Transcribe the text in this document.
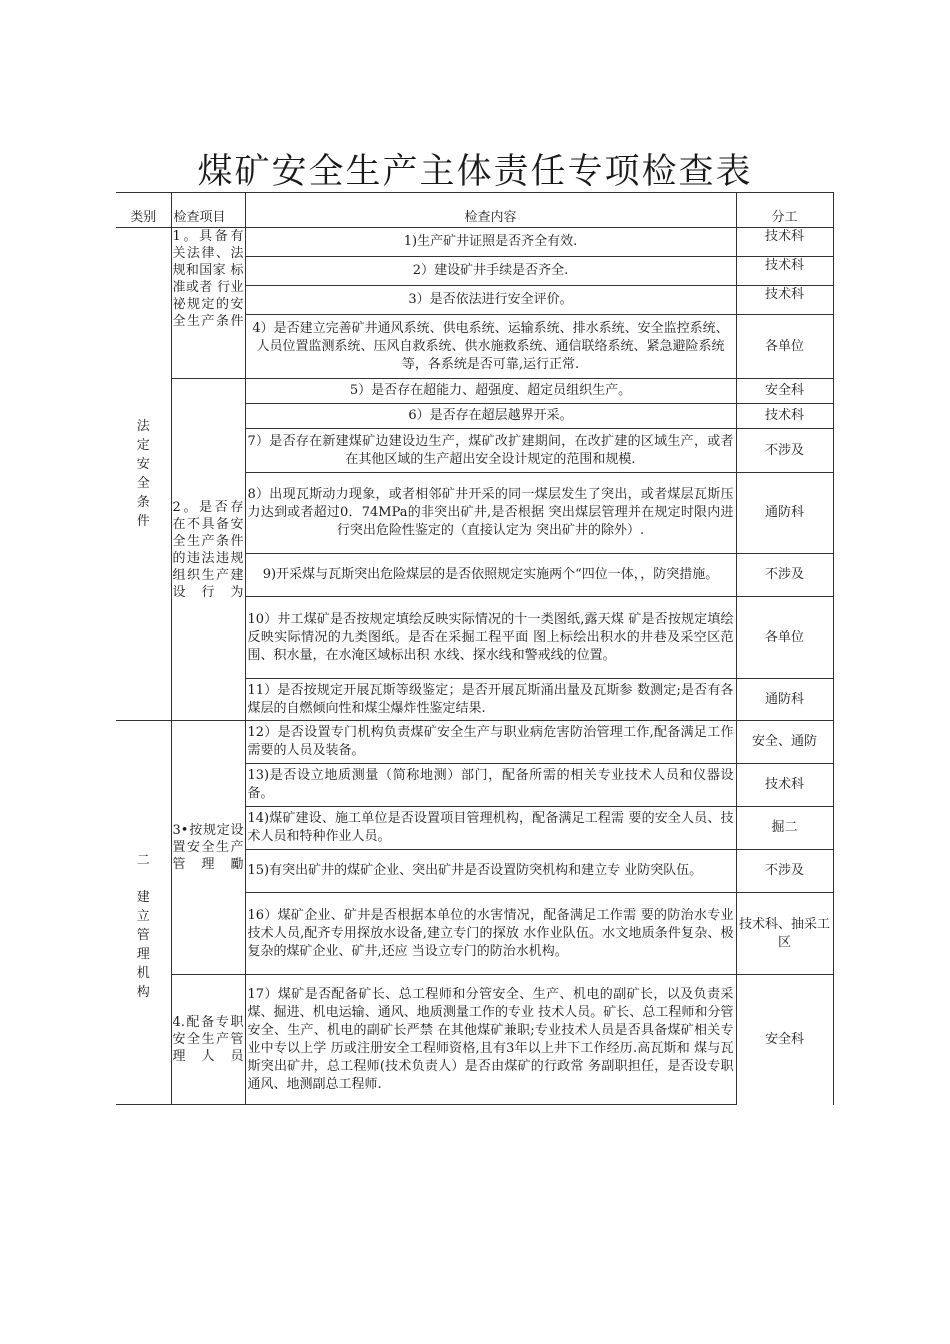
煤矿安全生产主体责任专项检查表
类别	检查项目	检查内容	分工
法定安全条件	1。具备有关法律、法 规和国家 标准或者 行业祕规定的安全生产条件	1)生产矿井证照是否齐全有效.	技术科
		2）建设矿井手续是否齐全.	技术科
		3）是否依法进行安全评价。	技术科
		4）是否建立完善矿井通风系统、供电系统、运输系统、排水系统、安全监控系统、人员位置监测系统、压风自救系统、供水施救系统、通信联络系统、紧急避险系统等，各系统是否可靠,运行正常.	各单位
	2。是否存在不具备安全生产条件的违法违规组织生产建设行为	5）是否存在超能力、超强度、超定员组织生产。	安全科
		6）是否存在超层越界开采。	技术科
		7）是否存在新建煤矿边建设边生产，煤矿改扩建期间，在改扩建的区域生产，或者在其他区域的生产超出安全设计规定的范围和规模.	不涉及
		8）出现瓦斯动力现象，或者相邻矿井开采的同一煤层发生了突出，或者煤层瓦斯压力达到或者超过0．74MPa的非突出矿井,是否根据 突出煤层管理并在规定时限内进行突出危险性鉴定的（直接认定为 突出矿井的除外）.	通防科
		9)开采煤与瓦斯突出危险煤层的是否依照规定实施两个“四位一体，，防突措施。	不涉及
		10）井工煤矿是否按规定填绘反映实际情况的十一类图纸,露天煤 矿是否按规定填绘反映实际情况的九类图纸。是否在采掘工程平面 图上标绘出积水的井巷及采空区范围、积水量，在水淹区域标出积 水线、探水线和警戒线的位置。	各单位
		11）是否按规定开展瓦斯等级鉴定；是否开展瓦斯涌出量及瓦斯参 数测定;是否有各煤层的自燃倾向性和煤尘爆炸性鉴定结果.	通防科
二

建立管理机构	3•按规定设置安全生产管理勵	12）是否设置专门机构负责煤矿安全生产与职业病危害防治管理工作,配备满足工作需要的人员及装备。	安全、通防
		13)是否设立地质测量（简称地测）部门，配备所需的相关专业技术人员和仪器设备。	技术科
		14)煤矿建设、施工单位是否设置项目管理机构，配备满足工程需 要的安全人员、技术人员和特种作业人员。	掘二
		15)有突出矿井的煤矿企业、突出矿井是否设置防突机构和建立专 业防突队伍。	不涉及
		16）煤矿企业、矿井是否根据本单位的水害情况，配备满足工作需 要的防治水专业技术人员,配齐专用探放水设备,建立专门的探放 水作业队伍。水文地质条件复杂、极复杂的煤矿企业、矿井,还应 当设立专门的防治水机构。	技术科、抽采工区
	4.配备专职安全生产管理人员	17）煤矿是否配备矿长、总工程师和分管安全、生产、机电的副矿长，以及负责采煤、掘进、机电运输、通风、地质测量工作的专业 技术人员。矿长、总工程师和分管安全、生产、机电的副矿长严禁 在其他煤矿兼职;专业技术人员是否具备煤矿相关专业中专以上学 历或注册安全工程师资格,且有3年以上井下工作经历.高瓦斯和 煤与瓦斯突出矿井，总工程师(技术负责人）是否由煤矿的行政常 务副职担任，是否设专职通风、地测副总工程师.	安全科
